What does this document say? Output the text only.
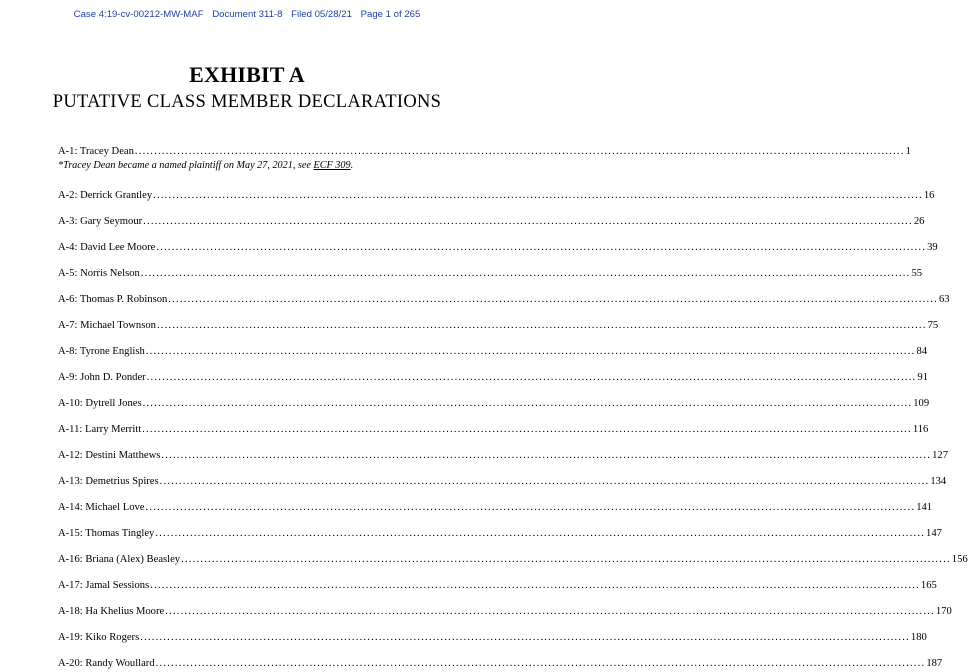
Case 4:19-cv-00212-MW-MAF Document 311-8 Filed 05/28/21 Page 1 of 265
EXHIBIT A
PUTATIVE CLASS MEMBER DECLARATIONS
A-1: Tracey Dean ........................................................................................................................................................................................................ 1
*Tracey Dean became a named plaintiff on May 27, 2021, see ECF 309.
A-2: Derrick Grantley ........................................................................................................................................................................................................ 16
A-3: Gary Seymour ........................................................................................................................................................................................................ 26
A-4: David Lee Moore ........................................................................................................................................................................................................ 39
A-5: Norris Nelson ........................................................................................................................................................................................................ 55
A-6: Thomas P. Robinson ........................................................................................................................................................................................................ 63
A-7: Michael Townson ........................................................................................................................................................................................................ 75
A-8: Tyrone English ........................................................................................................................................................................................................ 84
A-9: John D. Ponder ........................................................................................................................................................................................................ 91
A-10: Dytrell Jones ........................................................................................................................................................................................................ 109
A-11: Larry Merritt ........................................................................................................................................................................................................ 116
A-12: Destini Matthews ........................................................................................................................................................................................................ 127
A-13: Demetrius Spires ........................................................................................................................................................................................................ 134
A-14: Michael Love ........................................................................................................................................................................................................ 141
A-15: Thomas Tingley ........................................................................................................................................................................................................ 147
A-16: Briana (Alex) Beasley ........................................................................................................................................................................................................ 156
A-17: Jamal Sessions ........................................................................................................................................................................................................ 165
A-18: Ha Khelius Moore ........................................................................................................................................................................................................ 170
A-19: Kiko Rogers ........................................................................................................................................................................................................ 180
A-20: Randy Woullard ........................................................................................................................................................................................................ 187
